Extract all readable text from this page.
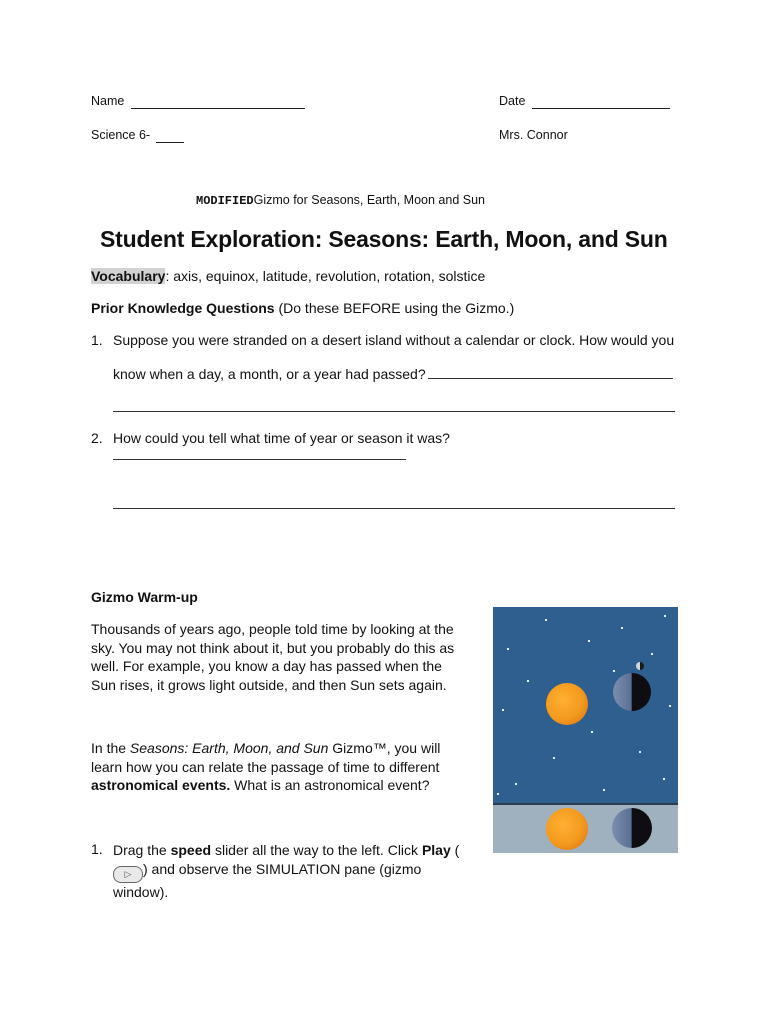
Name	Date
Science 6-	Mrs. Connor
MODIFIEDGizmo for Seasons, Earth, Moon and Sun
Student Exploration: Seasons: Earth, Moon, and Sun
Vocabulary: axis, equinox, latitude, revolution, rotation, solstice
Prior Knowledge Questions (Do these BEFORE using the Gizmo.)
1. Suppose you were stranded on a desert island without a calendar or clock. How would you
know when a day, a month, or a year had passed?
2. How could you tell what time of year or season it was?
Gizmo Warm-up
Thousands of years ago, people told time by looking at the sky. You may not think about it, but you probably do this as well. For example, you know a day has passed when the Sun rises, it grows light outside, and then Sun sets again.
In the Seasons: Earth, Moon, and Sun Gizmo™, you will learn how you can relate the passage of time to different astronomical events. What is an astronomical event?
1. Drag the speed slider all the way to the left. Click Play (
▷ ) and observe the SIMULATION pane (gizmo window).
